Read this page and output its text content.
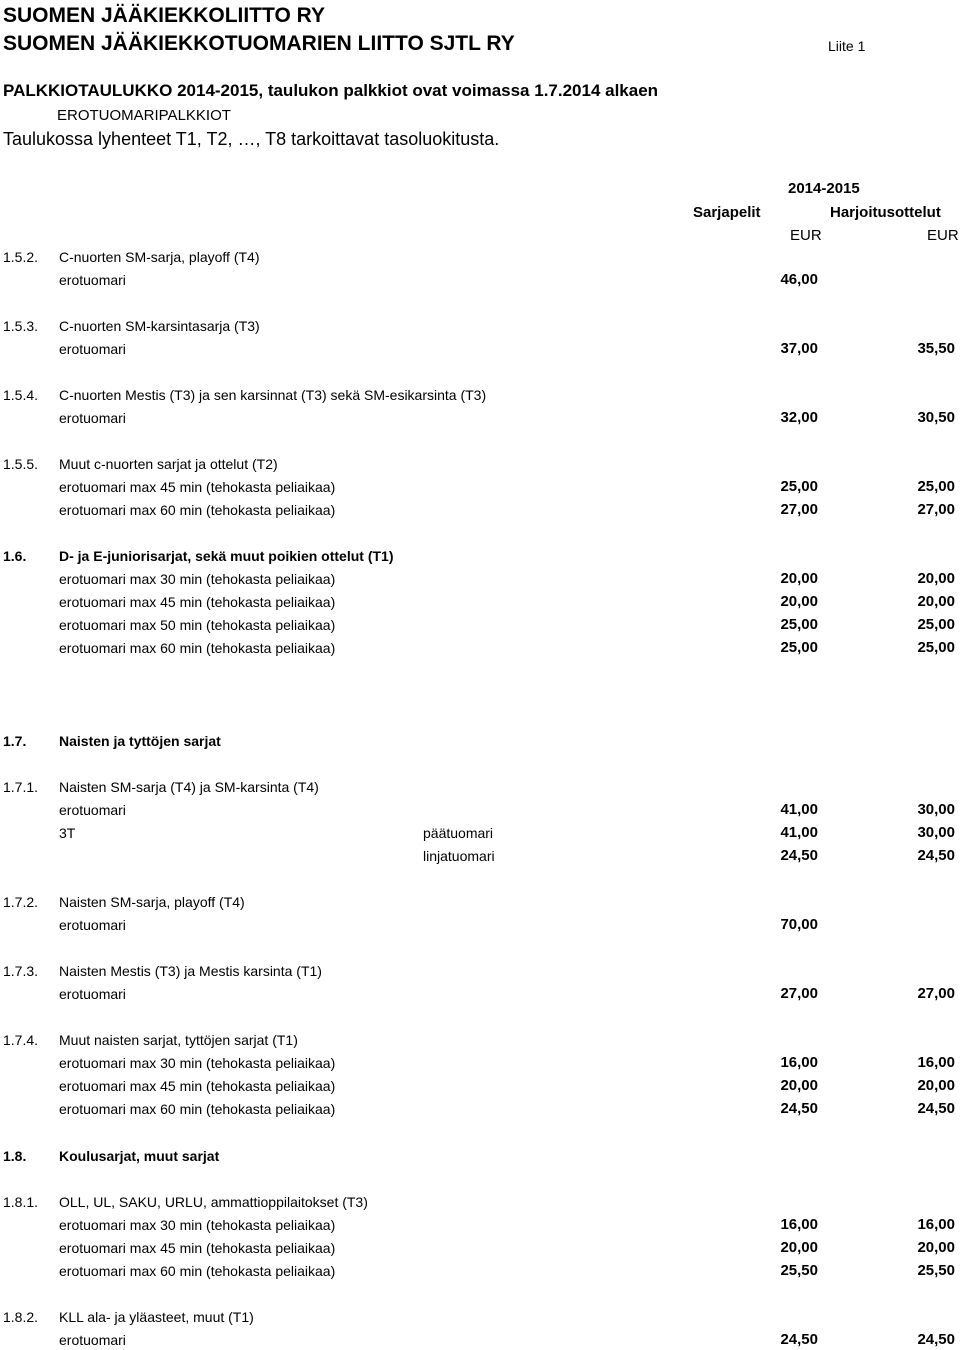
SUOMEN JÄÄKIEKKOLIITTO RY
SUOMEN JÄÄKIEKKOTUOMARIEN LIITTO SJTL RY	Liite 1
PALKKIOTAULUKKO 2014-2015, taulukon palkkiot ovat voimassa 1.7.2014 alkaen
EROTUOMARIPALKKIOT
Taulukossa lyhenteet T1, T2, …, T8 tarkoittavat tasoluokitusta.
2014-2015
Sarjapelit	Harjoitusottelut
EUR	EUR
1.5.2. C-nuorten SM-sarja, playoff (T4)
erotuomari	46,00
1.5.3. C-nuorten SM-karsintasarja (T3)
erotuomari	37,00	35,50
1.5.4. C-nuorten Mestis (T3) ja sen karsinnat (T3) sekä SM-esikarsinta (T3)
erotuomari	32,00	30,50
1.5.5. Muut c-nuorten sarjat ja ottelut (T2)
erotuomari max 45 min (tehokasta peliaikaa)	25,00	25,00
erotuomari max 60 min (tehokasta peliaikaa)	27,00	27,00
1.6. D- ja E-juniorisarjat, sekä muut poikien ottelut (T1)
erotuomari max 30 min (tehokasta peliaikaa)	20,00	20,00
erotuomari max 45 min (tehokasta peliaikaa)	20,00	20,00
erotuomari max 50 min (tehokasta peliaikaa)	25,00	25,00
erotuomari max 60 min (tehokasta peliaikaa)	25,00	25,00
1.7. Naisten ja tyttöjen sarjat
1.7.1. Naisten SM-sarja (T4) ja SM-karsinta (T4)
erotuomari	41,00	30,00
3T	päätuomari	41,00	30,00
linjatuomari	24,50	24,50
1.7.2. Naisten SM-sarja, playoff (T4)
erotuomari	70,00
1.7.3. Naisten Mestis (T3) ja Mestis karsinta (T1)
erotuomari	27,00	27,00
1.7.4. Muut naisten sarjat, tyttöjen sarjat (T1)
erotuomari max 30 min (tehokasta peliaikaa)	16,00	16,00
erotuomari max 45 min (tehokasta peliaikaa)	20,00	20,00
erotuomari max 60 min (tehokasta peliaikaa)	24,50	24,50
1.8. Koulusarjat, muut sarjat
1.8.1. OLL, UL, SAKU, URLU, ammattioppilaitokset (T3)
erotuomari max 30 min (tehokasta peliaikaa)	16,00	16,00
erotuomari max 45 min (tehokasta peliaikaa)	20,00	20,00
erotuomari max 60 min (tehokasta peliaikaa)	25,50	25,50
1.8.2. KLL ala- ja yläasteet, muut (T1)
erotuomari	24,50	24,50
